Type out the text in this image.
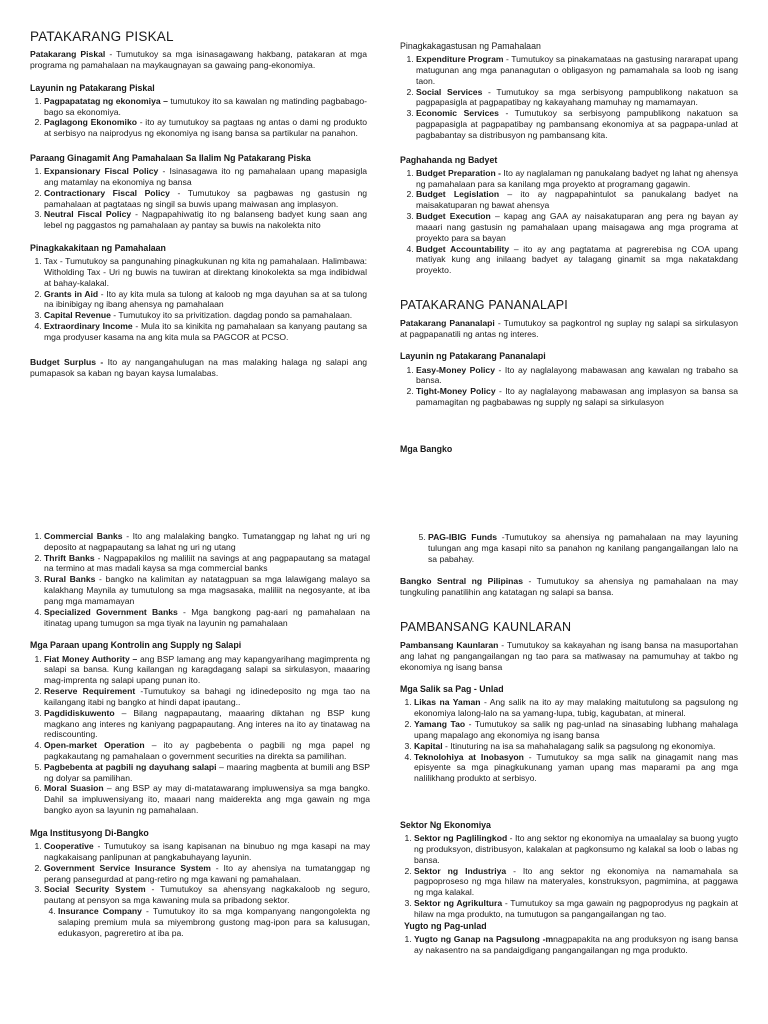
PATAKARANG PISKAL

Patakarang Piskal - Tumutukoy sa mga isinasagawang hakbang, patakaran at mga programa ng pamahalaan na maykaugnayan sa gawaing pang-ekonomiya.

Layunin ng Patakarang Piskal
1. Pagpapatatag ng ekonomiya – tumutukoy ito sa kawalan ng matinding pagbabago-bago sa ekonomiya.
2. Paglagong Ekonomiko - ito ay tumutukoy sa pagtaas ng antas o dami ng produkto at serbisyo na naiprodyus ng ekonomiya ng isang bansa sa partikular na panahon.
Paraang Ginagamit Ang Pamahalaan Sa Ilalim Ng Patakarang Piska
1. Expansionary Fiscal Policy - Isinasagawa ito ng pamahalaan upang mapasigla ang matamlay na ekonomiya ng bansa
2. Contractionary Fiscal Policy - Tumutukoy sa pagbawas ng gastusin ng pamahalaan at pagtataas ng singil sa buwis upang maiwasan ang implasyon.
3. Neutral Fiscal Policy - Nagpapahiwatig ito ng balanseng badyet kung saan ang lebel ng paggastos ng pamahalaan ay pantay sa buwis na nakolekta nito
Pinagkakakitaan ng Pamahalaan
1. Tax - Tumutukoy sa pangunahing pinagkukunan ng kita ng pamahalaan. Halimbawa: Witholding Tax - Uri ng buwis na tuwiran at direktang kinokolekta sa mga indibidwal at bahay-kalakal.
2. Grants in Aid - Ito ay kita mula sa tulong at kaloob ng mga dayuhan sa at sa tulong na ibinibigay ng ibang ahensya ng pamahalaan
3. Capital Revenue - Tumutukoy ito sa privitization. dagdag pondo sa pamahalaan.
4. Extraordinary Income - Mula ito sa kinikita ng pamahalaan sa kanyang pautang sa mga prodyuser kasama na ang kita mula sa PAGCOR at PCSO.

Budget Surplus - Ito ay nangangahulugan na mas malaking halaga ng salapi ang pumapasok sa kaban ng bayan kaysa lumalabas.

Pinagkakagastusan ng Pamahalaan
1. Expenditure Program - Tumutukoy sa pinakamataas na gastusing nararapat upang matugunan ang mga pananagutan o obligasyon ng pamamahala sa loob ng isang taon.
2. Social Services - Tumutukoy sa mga serbisyong pampublikong nakatuon sa pagpapasigla at pagpapatibay ng kakayahang mamuhay ng mamamayan.
3. Economic Services - Tumutukoy sa serbisyong pampublikong nakatuon sa pagpapasigla at pagpapatibay ng pambansang ekonomiya at sa pagpapa-unlad at pagbabantay sa distribusyon ng pambansang kita.
Paghahanda ng Badyet
1. Budget Preparation - Ito ay naglalaman ng panukalang badyet ng lahat ng ahensya ng pamahalaan para sa kanilang mga proyekto at programang gagawin.
2. Budget Legislation – ito ay nagpapahintulot sa panukalang badyet na maisakatuparan ng bawat ahensya
3. Budget Execution – kapag ang GAA ay naisakatuparan ang pera ng bayan ay maaari nang gastusin ng pamahalaan upang maisagawa ang mga programa at proyekto para sa bayan
4. Budget Accountability – ito ay ang pagtatama at pagrerebisa ng COA upang matiyak kung ang inilaang badyet ay talagang ginamit sa mga nakatakdang proyekto.
PATAKARANG PANANALAPI

Patakarang Pananalapi - Tumutukoy sa pagkontrol ng suplay ng salapi sa sirkulasyon at pagpapanatili ng antas ng interes.

Layunin ng Patakarang Pananalapi
1. Easy-Money Policy - Ito ay naglalayong mabawasan ang kawalan ng trabaho sa bansa.
2. Tight-Money Policy - Ito ay naglalayong mabawasan ang implasyon sa bansa sa pamamagitan ng pagbabawas ng supply ng salapi sa sirkulasyon
Mga Bangko
1. Commercial Banks - Ito ang malalaking bangko. Tumatanggap ng lahat ng uri ng deposito at nagpapautang sa lahat ng uri ng utang
2. Thrift Banks - Nagpapakilos ng maliliit na savings at ang pagpapautang sa matagal na termino at mas madali kaysa sa mga commercial banks
3. Rural Banks - bangko na kalimitan ay natatagpuan sa mga lalawigang malayo sa kalakhang Maynila ay tumutulong sa mga magsasaka, maliliit na negosyante, at iba pang mga mamamayan
4. Specialized Government Banks - Mga bangkong pag-aari ng pamahalaan na itinatag upang tumugon sa mga tiyak na layunin ng pamahalaan
Mga Paraan upang Kontrolin ang Supply ng Salapi
1. Fiat Money Authority – ang BSP lamang ang may kapangyarihang magimprenta ng salapi sa bansa. Kung kailangan ng karagdagang salapi sa sirkulasyon, maaaring mag-imprenta ng salapi upang punan ito.
2. Reserve Requirement -Tumutukoy sa bahagi ng idinedeposito ng mga tao na kailangang itabi ng bangko at hindi dapat ipautang..
3. Pagdidiskuwento – Bilang nagpapautang, maaaring diktahan ng BSP kung magkano ang interes ng kaniyang pagpapautang. Ang interes na ito ay tinatawag na rediscounting.
4. Open-market Operation – ito ay pagbebenta o pagbili ng mga papel ng pagkakautang ng pamahalaan o government securities na direkta sa pamilihan.
5. Pagbebenta at pagbili ng dayuhang salapi – maaring magbenta at bumili ang BSP ng dolyar sa pamilihan.
6. Moral Suasion – ang BSP ay may di-matatawarang impluwensiya sa mga bangko. Dahil sa impluwensiyang ito, maaari nang maiderekta ang mga gawain ng mga bangko ayon sa layunin ng pamahalaan.
Mga Institusyong Di-Bangko
1. Cooperative - Tumutukoy sa isang kapisanan na binubuo ng mga kasapi na may nagkakaisang panlipunan at pangkabuhayang layunin.
2. Government Service Insurance System - Ito ay ahensiya na tumatanggap ng perang pansegurdad at pang-retiro ng mga kawani ng pamahalaan.
3. Social Security System - Tumutukoy sa ahensyang nagkakaloob ng seguro, pautang at pensyon sa mga kawaning mula sa pribadong sektor.
4. Insurance Company - Tumutukoy ito sa mga kompanyang nangongolekta ng salaping premium mula sa miyembrong gustong mag-ipon para sa kalusugan, edukasyon, pagreretiro at iba pa.
5. PAG-IBIG Funds -Tumutukoy sa ahensiya ng pamahalaan na may layuning tulungan ang mga kasapi nito sa panahon ng kanilang pangangailangan lalo na sa pabahay.

Bangko Sentral ng Pilipinas - Tumutukoy sa ahensiya ng pamahalaan na may tungkuling panatilihin ang katatagan ng salapi sa bansa.

PAMBANSANG KAUNLARAN

Pambansang Kaunlaran - Tumutukoy sa kakayahan ng isang bansa na masuportahan ang lahat ng pangangailangan ng tao para sa matiwasay na pamumuhay at takbo ng ekonomiya ng isang bansa

Mga Salik sa Pag - Unlad
1. Likas na Yaman - Ang salik na ito ay may malaking maitutulong sa pagsulong ng ekonomiya lalong-lalo na sa yamang-lupa, tubig, kagubatan, at mineral.
2. Yamang Tao - Tumutukoy sa salik ng pag-unlad na sinasabing lubhang mahalaga upang mapalago ang ekonomiya ng isang bansa
3. Kapital - Itinuturing na isa sa mahahalagang salik sa pagsulong ng ekonomiya.
4. Teknolohiya at Inobasyon - Tumutukoy sa mga salik na ginagamit nang mas episyente sa mga pinagkukunang yaman upang mas maparami pa ang mga nalilikhang produkto at serbisyo.
Sektor Ng Ekonomiya
1. Sektor ng Paglilingkod - Ito ang sektor ng ekonomiya na umaalalay sa buong yugto ng produksyon, distribusyon, kalakalan at pagkonsumo ng kalakal sa loob o labas ng bansa.
2. Sektor ng Industriya - Ito ang sektor ng ekonomiya na namamahala sa pagpoproseso ng mga hilaw na materyales, konstruksyon, pagmimina, at paggawa ng mga kalakal.
3. Sektor ng Agrikultura - Tumutukoy sa mga gawain ng pagpoprodyus ng pagkain at hilaw na mga produkto, na tumutugon sa pangangailangan ng tao.
Yugto ng Pag-unlad
1. Yugto ng Ganap na Pagsulong -mnagpapakita na ang produksyon ng isang bansa ay nakasentro na sa pandaigdigang pangangailangan ng mga produkto.
